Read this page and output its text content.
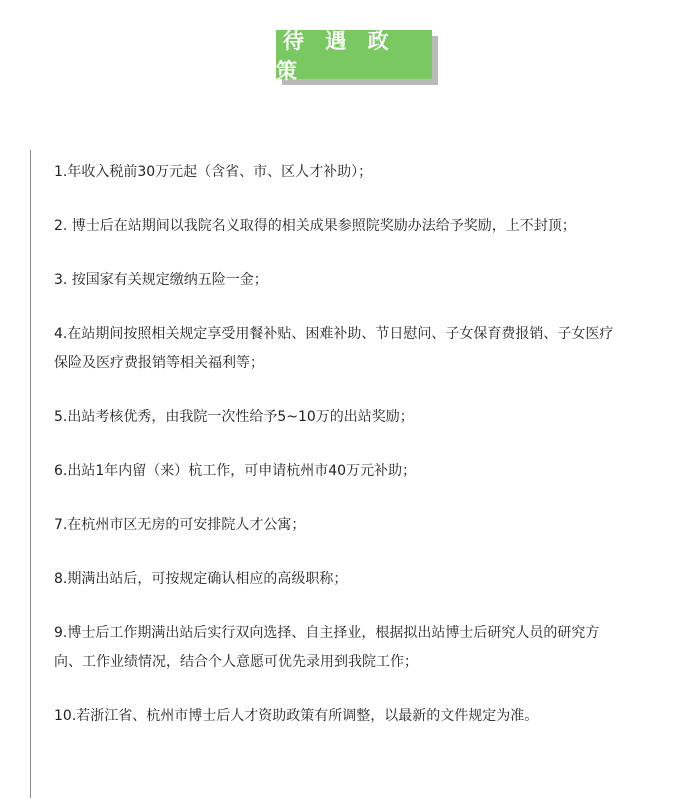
待 遇 政 策

1.年收入税前30万元起（含省、市、区人才补助）；

2. 博士后在站期间以我院名义取得的相关成果参照院奖励办法给予奖励，上不封顶；

3. 按国家有关规定缴纳五险一金；

4.在站期间按照相关规定享受用餐补贴、困难补助、节日慰问、子女保育费报销、子女医疗保险及医疗费报销等相关福利等；

5.出站考核优秀，由我院一次性给予5~10万的出站奖励；

6.出站1年内留（来）杭工作，可申请杭州市40万元补助；

7.在杭州市区无房的可安排院人才公寓；

8.期满出站后，可按规定确认相应的高级职称；

9.博士后工作期满出站后实行双向选择、自主择业，根据拟出站博士后研究人员的研究方向、工作业绩情况，结合个人意愿可优先录用到我院工作；

10.若浙江省、杭州市博士后人才资助政策有所调整，以最新的文件规定为准。
